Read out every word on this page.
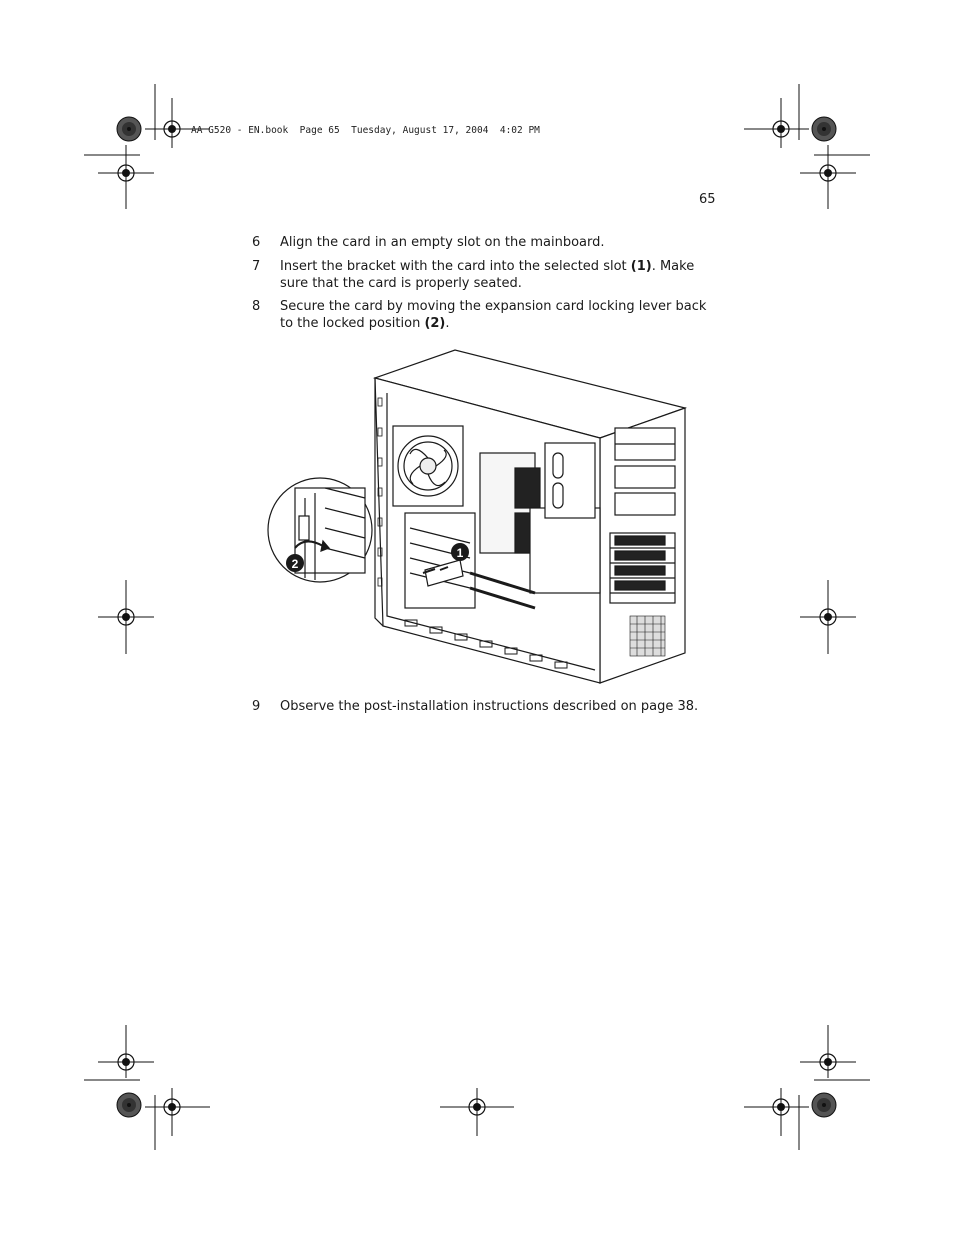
AA G520 - EN.book  Page 65  Tuesday, August 17, 2004  4:02 PM
65
6	Align the card in an empty slot on the mainboard.
7	Insert the bracket with the card into the selected slot (1). Make sure that the card is properly seated.
8	Secure the card by moving the expansion card locking lever back to the locked position (2).
1
2
9	Observe the post-installation instructions described on page 38.
